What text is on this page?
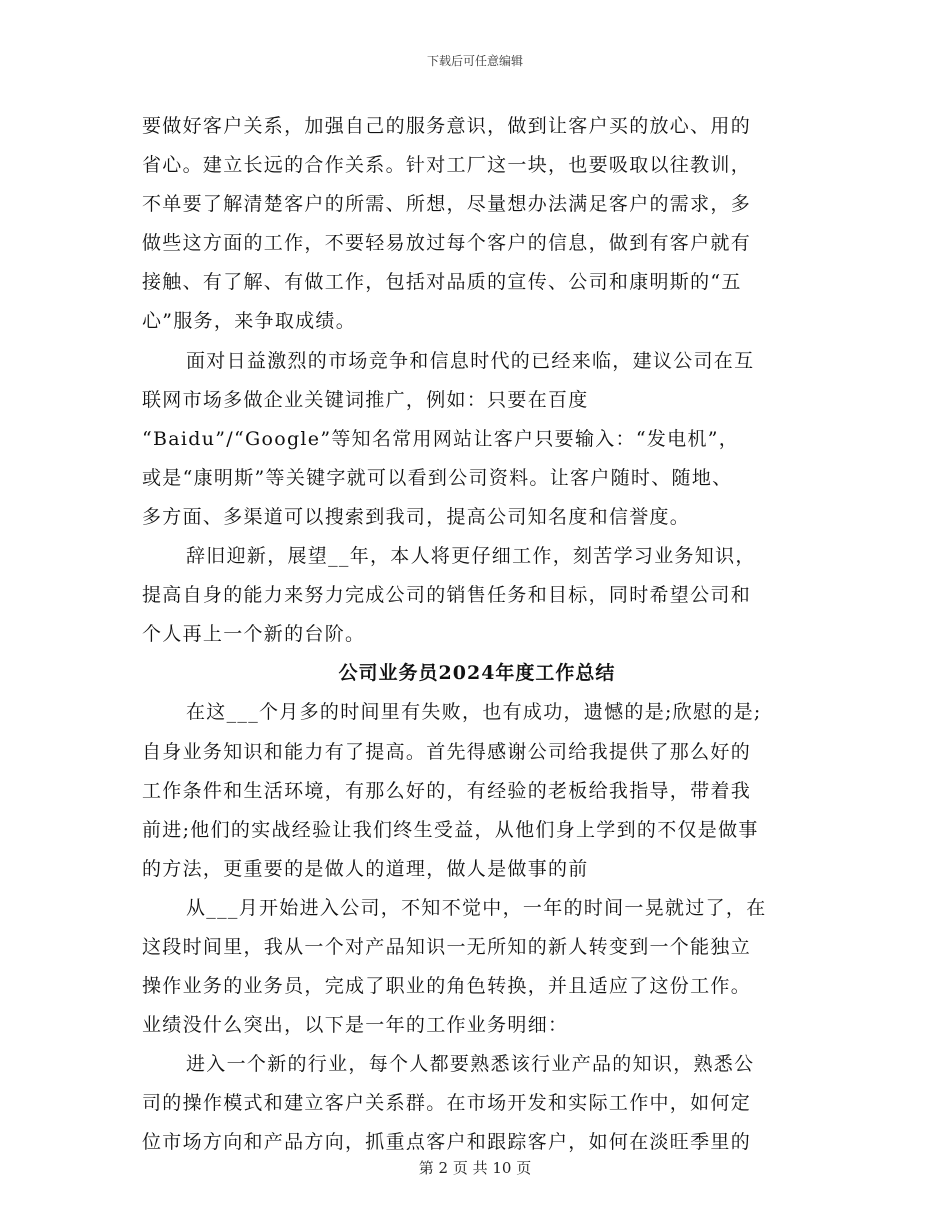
下载后可任意编辑

要做好客户关系，加强自己的服务意识，做到让客户买的放心、用的
省心。建立长远的合作关系。针对工厂这一块，也要吸取以往教训，
不单要了解清楚客户的所需、所想，尽量想办法满足客户的需求，多
做些这方面的工作，不要轻易放过每个客户的信息，做到有客户就有
接触、有了解、有做工作，包括对品质的宣传、公司和康明斯的“五
心”服务，来争取成绩。

面对日益激烈的市场竞争和信息时代的已经来临，建议公司在互
联网市场多做企业关键词推广，例如：只要在百度
“Baidu”/“Google”等知名常用网站让客户只要输入：“发电机”，
或是“康明斯”等关键字就可以看到公司资料。让客户随时、随地、
多方面、多渠道可以搜索到我司，提高公司知名度和信誉度。

辞旧迎新，展望__年，本人将更仔细工作，刻苦学习业务知识，
提高自身的能力来努力完成公司的销售任务和目标，同时希望公司和
个人再上一个新的台阶。

公司业务员2024年度工作总结

在这___个月多的时间里有失败，也有成功，遗憾的是;欣慰的是;
自身业务知识和能力有了提高。首先得感谢公司给我提供了那么好的
工作条件和生活环境，有那么好的，有经验的老板给我指导，带着我
前进;他们的实战经验让我们终生受益，从他们身上学到的不仅是做事
的方法，更重要的是做人的道理，做人是做事的前

从___月开始进入公司，不知不觉中，一年的时间一晃就过了，在
这段时间里，我从一个对产品知识一无所知的新人转变到一个能独立
操作业务的业务员，完成了职业的角色转换，并且适应了这份工作。
业绩没什么突出，以下是一年的工作业务明细：

进入一个新的行业，每个人都要熟悉该行业产品的知识，熟悉公
司的操作模式和建立客户关系群。在市场开发和实际工作中，如何定
位市场方向和产品方向，抓重点客户和跟踪客户，如何在淡旺季里的

第 2 页 共 10 页
